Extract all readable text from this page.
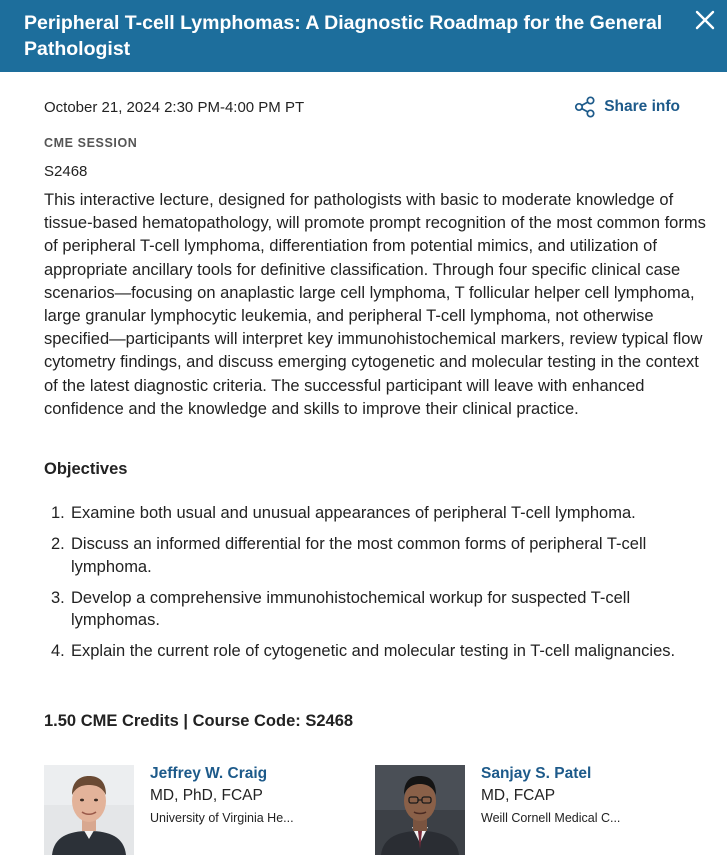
Peripheral T-cell Lymphomas: A Diagnostic Roadmap for the General Pathologist
October 21, 2024 2:30 PM-4:00 PM PT	Share info
CME SESSION
S2468
This interactive lecture, designed for pathologists with basic to moderate knowledge of tissue-based hematopathology, will promote prompt recognition of the most common forms of peripheral T-cell lymphoma, differentiation from potential mimics, and utilization of appropriate ancillary tools for definitive classification. Through four specific clinical case scenarios—focusing on anaplastic large cell lymphoma, T follicular helper cell lymphoma, large granular lymphocytic leukemia, and peripheral T-cell lymphoma, not otherwise specified—participants will interpret key immunohistochemical markers, review typical flow cytometry findings, and discuss emerging cytogenetic and molecular testing in the context of the latest diagnostic criteria. The successful participant will leave with enhanced confidence and the knowledge and skills to improve their clinical practice.
Objectives
1. Examine both usual and unusual appearances of peripheral T-cell lymphoma.
2. Discuss an informed differential for the most common forms of peripheral T-cell lymphoma.
3. Develop a comprehensive immunohistochemical workup for suspected T-cell lymphomas.
4. Explain the current role of cytogenetic and molecular testing in T-cell malignancies.
1.50 CME Credits | Course Code: S2468
Jeffrey W. Craig
MD, PhD, FCAP
University of Virginia He...
Sanjay S. Patel
MD, FCAP
Weill Cornell Medical C...
